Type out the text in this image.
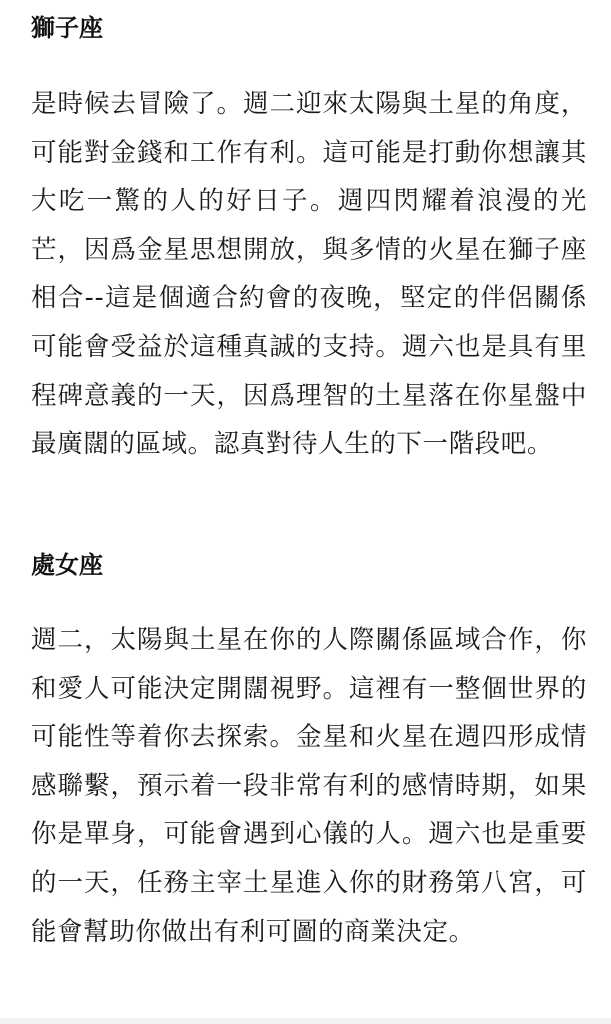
獅子座

是時候去冒險了。週二迎來太陽與土星的角度，可能對金錢和工作有利。這可能是打動你想讓其大吃一驚的人的好日子。週四閃耀着浪漫的光芒，因爲金星思想開放，與多情的火星在獅子座相合--這是個適合約會的夜晚，堅定的伴侶關係可能會受益於這種真誠的支持。週六也是具有里程碑意義的一天，因爲理智的土星落在你星盤中最廣闊的區域。認真對待人生的下一階段吧。

處女座

週二，太陽與土星在你的人際關係區域合作，你和愛人可能決定開闊視野。這裡有一整個世界的可能性等着你去探索。金星和火星在週四形成情感聯繫，預示着一段非常有利的感情時期，如果你是單身，可能會遇到心儀的人。週六也是重要的一天，任務主宰土星進入你的財務第八宮，可能會幫助你做出有利可圖的商業決定。
